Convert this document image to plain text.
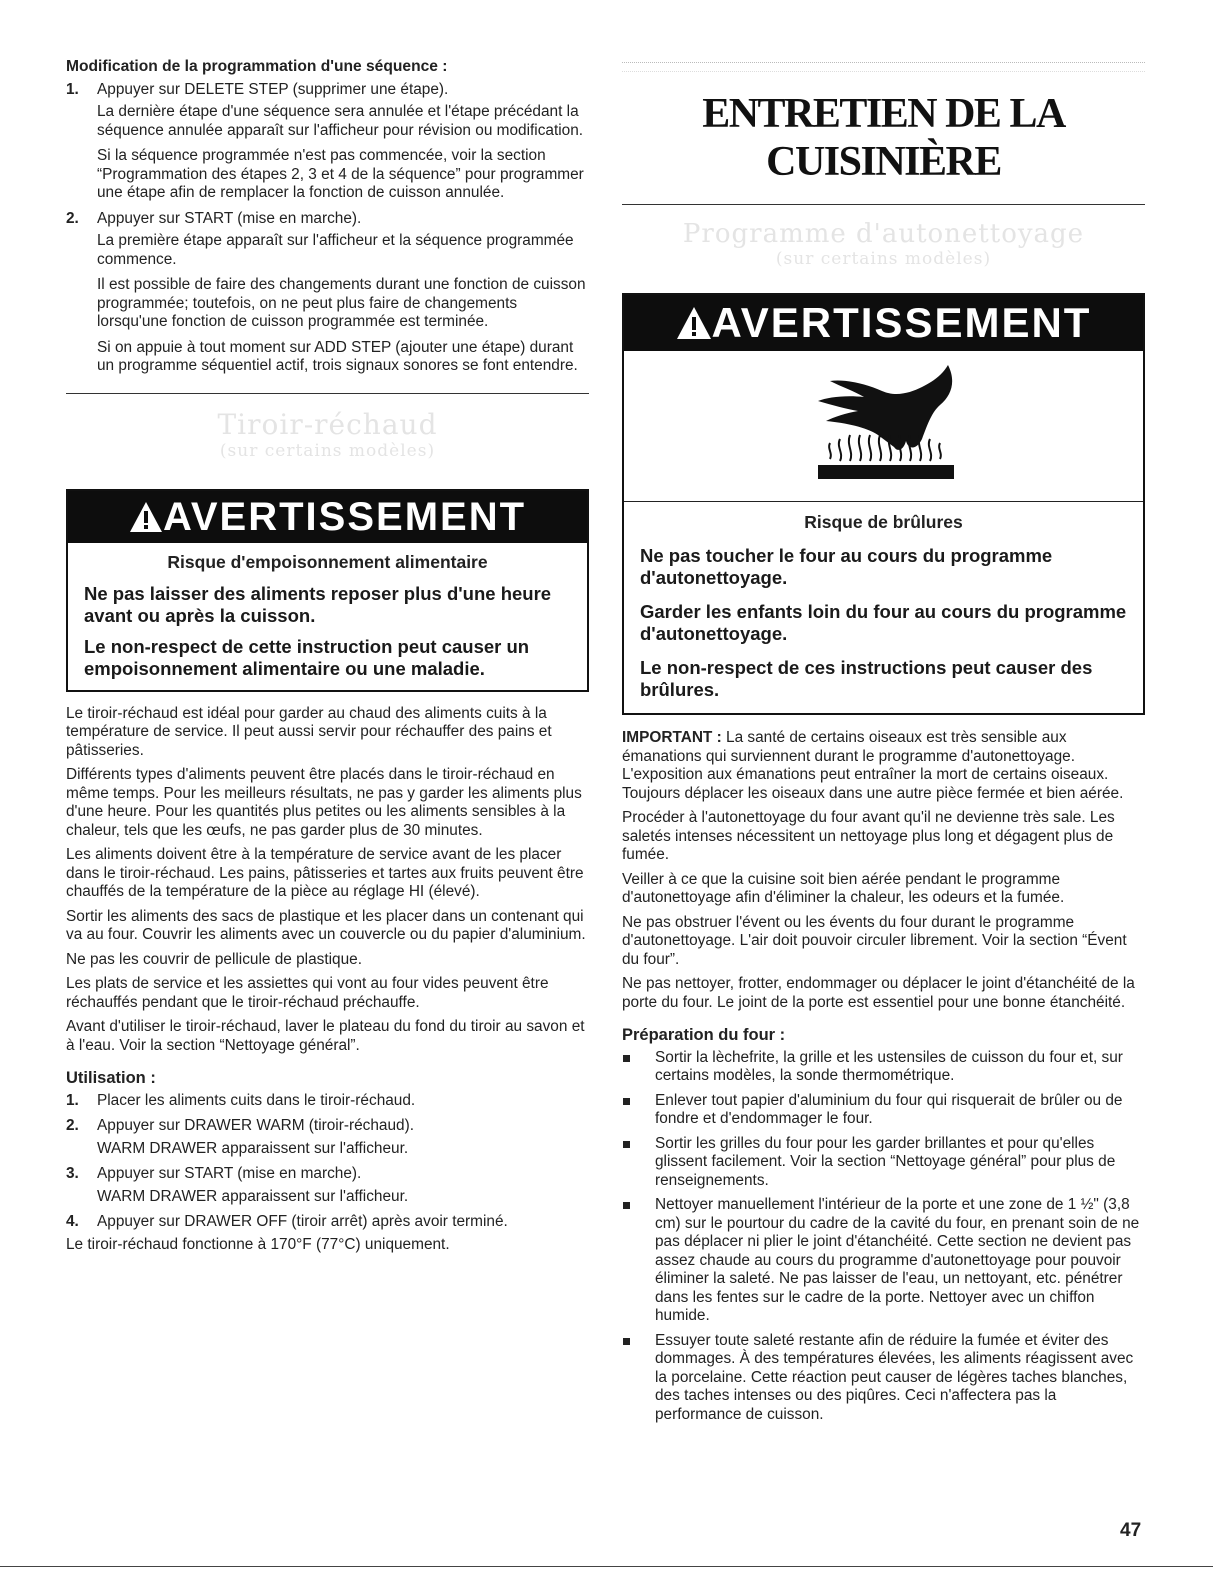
Modification de la programmation d'une séquence :

1.	Appuyer sur DELETE STEP (supprimer une étape).

La dernière étape d'une séquence sera annulée et l'étape précédant la séquence annulée apparaît sur l'afficheur pour révision ou modification.

Si la séquence programmée n'est pas commencée, voir la section “Programmation des étapes 2, 3 et 4 de la séquence” pour programmer une étape afin de remplacer la fonction de cuisson annulée.

2.	Appuyer sur START (mise en marche).

La première étape apparaît sur l'afficheur et la séquence programmée commence.

Il est possible de faire des changements durant une fonction de cuisson programmée; toutefois, on ne peut plus faire de changements lorsqu'une fonction de cuisson programmée est terminée.

Si on appuie à tout moment sur ADD STEP (ajouter une étape) durant un programme séquentiel actif, trois signaux sonores se font entendre.

Tiroir-réchaud
(sur certains modèles)
AVERTISSEMENT
Risque d'empoisonnement alimentaire
Ne pas laisser des aliments reposer plus d'une heure avant ou après la cuisson.
Le non-respect de cette instruction peut causer un empoisonnement alimentaire ou une maladie.

Le tiroir-réchaud est idéal pour garder au chaud des aliments cuits à la température de service. Il peut aussi servir pour réchauffer des pains et pâtisseries.

Différents types d'aliments peuvent être placés dans le tiroir-réchaud en même temps. Pour les meilleurs résultats, ne pas y garder les aliments plus d'une heure. Pour les quantités plus petites ou les aliments sensibles à la chaleur, tels que les œufs, ne pas garder plus de 30 minutes.

Les aliments doivent être à la température de service avant de les placer dans le tiroir-réchaud. Les pains, pâtisseries et tartes aux fruits peuvent être chauffés de la température de la pièce au réglage HI (élevé).

Sortir les aliments des sacs de plastique et les placer dans un contenant qui va au four. Couvrir les aliments avec un couvercle ou du papier d'aluminium.

Ne pas les couvrir de pellicule de plastique.

Les plats de service et les assiettes qui vont au four vides peuvent être réchauffés pendant que le tiroir-réchaud préchauffe.

Avant d'utiliser le tiroir-réchaud, laver le plateau du fond du tiroir au savon et à l'eau. Voir la section “Nettoyage général”.

Utilisation :

1.	Placer les aliments cuits dans le tiroir-réchaud.

2.	Appuyer sur DRAWER WARM (tiroir-réchaud).

WARM DRAWER apparaissent sur l'afficheur.

3.	Appuyer sur START (mise en marche).

WARM DRAWER apparaissent sur l'afficheur.

4.	Appuyer sur DRAWER OFF (tiroir arrêt) après avoir terminé.

Le tiroir-réchaud fonctionne à 170°F (77°C) uniquement.

ENTRETIEN DE LA CUISINIÈRE
Programme d'autonettoyage
(sur certains modèles)
AVERTISSEMENT
Risque de brûlures
Ne pas toucher le four au cours du programme d'autonettoyage.
Garder les enfants loin du four au cours du programme d'autonettoyage.
Le non-respect de ces instructions peut causer des brûlures.

IMPORTANT : La santé de certains oiseaux est très sensible aux émanations qui surviennent durant le programme d'autonettoyage. L'exposition aux émanations peut entraîner la mort de certains oiseaux. Toujours déplacer les oiseaux dans une autre pièce fermée et bien aérée.

Procéder à l'autonettoyage du four avant qu'il ne devienne très sale. Les saletés intenses nécessitent un nettoyage plus long et dégagent plus de fumée.

Veiller à ce que la cuisine soit bien aérée pendant le programme d'autonettoyage afin d'éliminer la chaleur, les odeurs et la fumée.

Ne pas obstruer l'évent ou les évents du four durant le programme d'autonettoyage. L'air doit pouvoir circuler librement. Voir la section “Évent du four”.

Ne pas nettoyer, frotter, endommager ou déplacer le joint d'étanchéité de la porte du four. Le joint de la porte est essentiel pour une bonne étanchéité.

Préparation du four :

Sortir la lèchefrite, la grille et les ustensiles de cuisson du four et, sur certains modèles, la sonde thermométrique.
Enlever tout papier d'aluminium du four qui risquerait de brûler ou de fondre et d'endommager le four.
Sortir les grilles du four pour les garder brillantes et pour qu'elles glissent facilement. Voir la section “Nettoyage général” pour plus de renseignements.
Nettoyer manuellement l'intérieur de la porte et une zone de 1 ½" (3,8 cm) sur le pourtour du cadre de la cavité du four, en prenant soin de ne pas déplacer ni plier le joint d'étanchéité. Cette section ne devient pas assez chaude au cours du programme d'autonettoyage pour pouvoir éliminer la saleté. Ne pas laisser de l'eau, un nettoyant, etc. pénétrer dans les fentes sur le cadre de la porte. Nettoyer avec un chiffon humide.
Essuyer toute saleté restante afin de réduire la fumée et éviter des dommages. À des températures élevées, les aliments réagissent avec la porcelaine. Cette réaction peut causer de légères taches blanches, des taches intenses ou des piqûres. Ceci n'affectera pas la performance de cuisson.
47
